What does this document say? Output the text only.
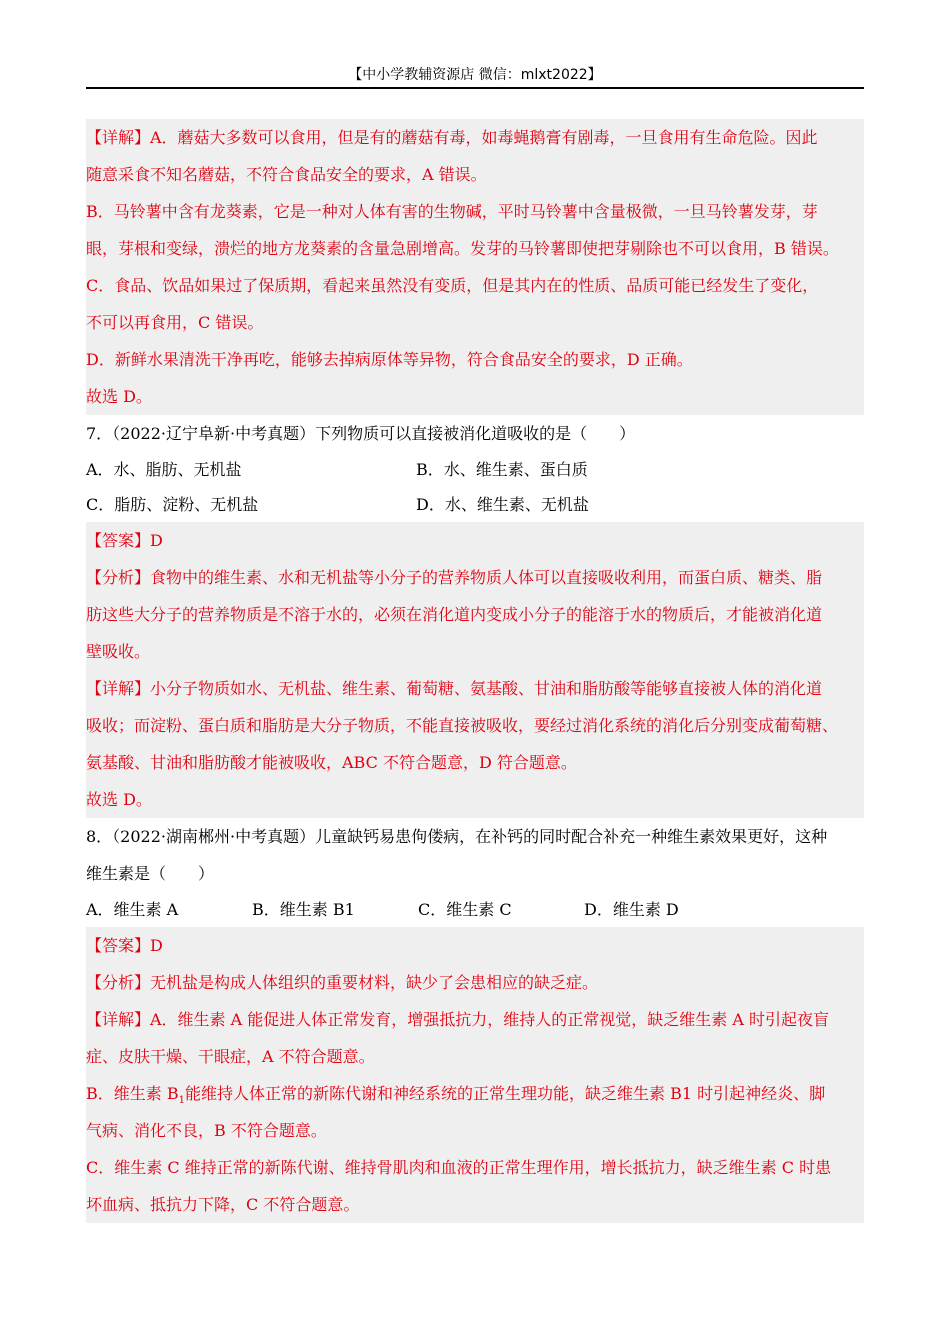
【中小学教辅资源店 微信：mlxt2022】
【详解】A．蘑菇大多数可以食用，但是有的蘑菇有毒，如毒蝇鹅膏有剧毒，一旦食用有生命危险。因此
随意采食不知名蘑菇，不符合食品安全的要求，A 错误。
B．马铃薯中含有龙葵素，它是一种对人体有害的生物碱，平时马铃薯中含量极微，一旦马铃薯发芽，芽
眼，芽根和变绿，溃烂的地方龙葵素的含量急剧增高。发芽的马铃薯即使把芽剔除也不可以食用，B 错误。
C．食品、饮品如果过了保质期，看起来虽然没有变质，但是其内在的性质、品质可能已经发生了变化，
不可以再食用，C 错误。
D．新鲜水果清洗干净再吃，能够去掉病原体等异物，符合食品安全的要求，D 正确。
故选 D。
7．（2022·辽宁阜新·中考真题）下列物质可以直接被消化道吸收的是（　　）
A．水、脂肪、无机盐	B．水、维生素、蛋白质
C．脂肪、淀粉、无机盐	D．水、维生素、无机盐
【答案】D
【分析】食物中的维生素、水和无机盐等小分子的营养物质人体可以直接吸收利用，而蛋白质、糖类、脂
肪这些大分子的营养物质是不溶于水的，必须在消化道内变成小分子的能溶于水的物质后，才能被消化道
壁吸收。
【详解】小分子物质如水、无机盐、维生素、葡萄糖、氨基酸、甘油和脂肪酸等能够直接被人体的消化道
吸收；而淀粉、蛋白质和脂肪是大分子物质，不能直接被吸收，要经过消化系统的消化后分别变成葡萄糖、
氨基酸、甘油和脂肪酸才能被吸收，ABC 不符合题意，D 符合题意。
故选 D。
8．（2022·湖南郴州·中考真题）儿童缺钙易患佝偻病，在补钙的同时配合补充一种维生素效果更好，这种
维生素是（　　）
A．维生素 A	B．维生素 B1	C．维生素 C	D．维生素 D
【答案】D
【分析】无机盐是构成人体组织的重要材料，缺少了会患相应的缺乏症。
【详解】A．维生素 A 能促进人体正常发育，增强抵抗力，维持人的正常视觉，缺乏维生素 A 时引起夜盲
症、皮肤干燥、干眼症，A 不符合题意。
B．维生素 $B_1$能维持人体正常的新陈代谢和神经系统的正常生理功能，缺乏维生素 B1 时引起神经炎、脚
气病、消化不良，B 不符合题意。
C．维生素 C 维持正常的新陈代谢、维持骨肌肉和血液的正常生理作用，增长抵抗力，缺乏维生素 C 时患
坏血病、抵抗力下降，C 不符合题意。
